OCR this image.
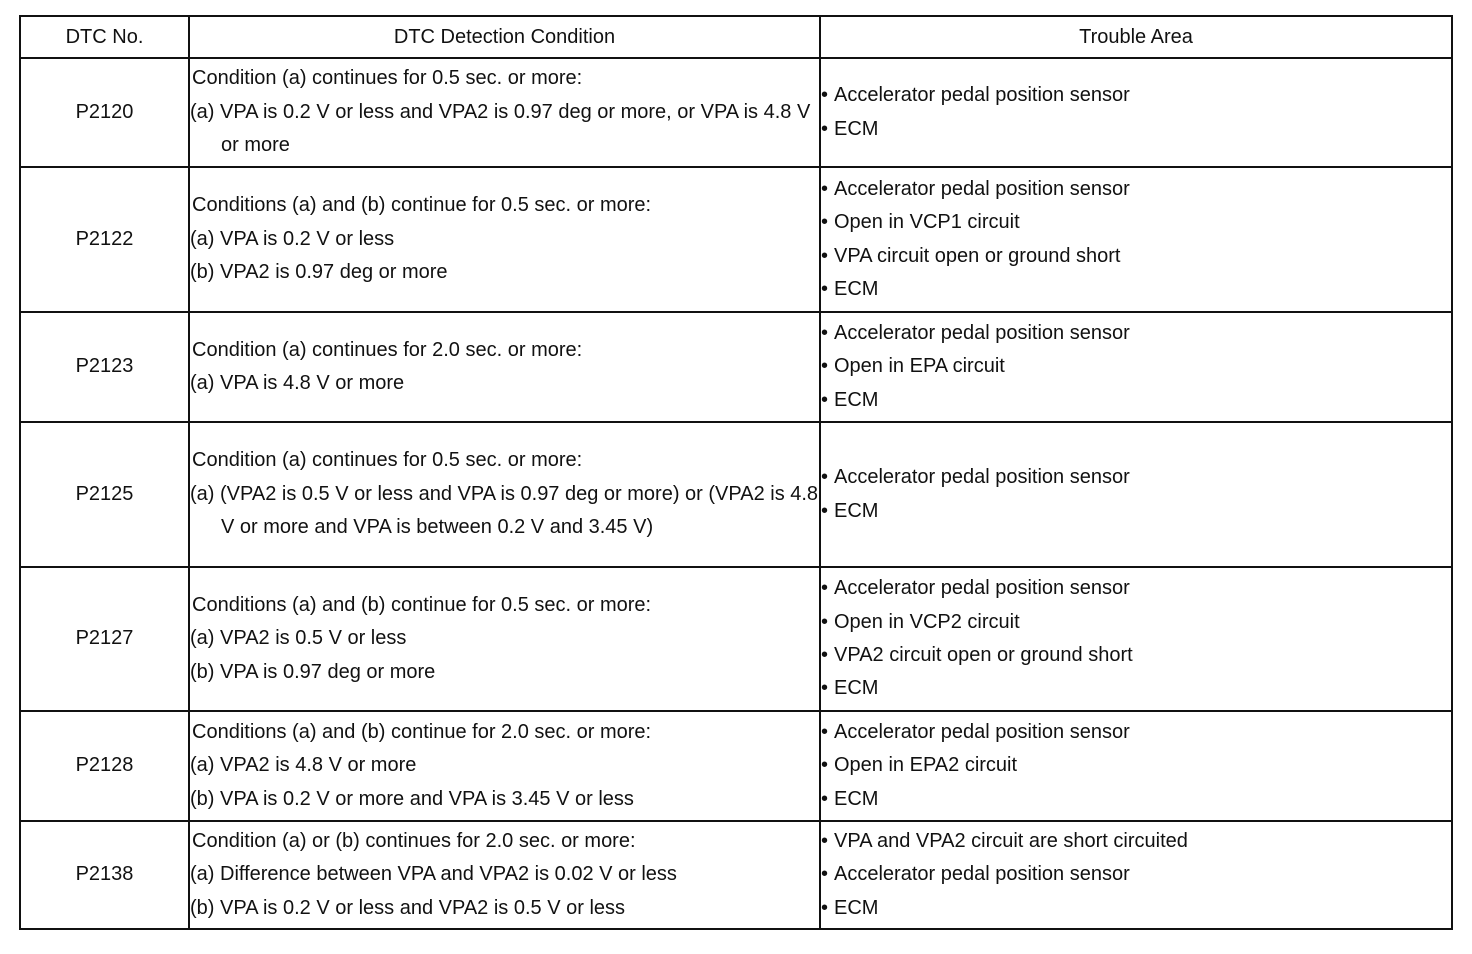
DTC No.	DTC Detection Condition	Trouble Area
P2120	Condition (a) continues for 0.5 sec. or more:
(a) VPA is 0.2 V or less and VPA2 is 0.97 deg or more, or VPA is 4.8 V or more	• Accelerator pedal position sensor
• ECM

P2122	Conditions (a) and (b) continue for 0.5 sec. or more:
(a) VPA is 0.2 V or less
(b) VPA2 is 0.97 deg or more	• Accelerator pedal position sensor
• Open in VCP1 circuit
• VPA circuit open or ground short
• ECM

P2123	Condition (a) continues for 2.0 sec. or more:
(a) VPA is 4.8 V or more	• Accelerator pedal position sensor
• Open in EPA circuit
• ECM

P2125	Condition (a) continues for 0.5 sec. or more:
(a) (VPA2 is 0.5 V or less and VPA is 0.97 deg or more) or (VPA2 is 4.8 V or more and VPA is between 0.2 V and 3.45 V)	• Accelerator pedal position sensor
• ECM

P2127	Conditions (a) and (b) continue for 0.5 sec. or more:
(a) VPA2 is 0.5 V or less
(b) VPA is 0.97 deg or more	• Accelerator pedal position sensor
• Open in VCP2 circuit
• VPA2 circuit open or ground short
• ECM

P2128	Conditions (a) and (b) continue for 2.0 sec. or more:
(a) VPA2 is 4.8 V or more
(b) VPA is 0.2 V or more and VPA is 3.45 V or less	• Accelerator pedal position sensor
• Open in EPA2 circuit
• ECM

P2138	Condition (a) or (b) continues for 2.0 sec. or more:
(a) Difference between VPA and VPA2 is 0.02 V or less
(b) VPA is 0.2 V or less and VPA2 is 0.5 V or less	• VPA and VPA2 circuit are short circuited
• Accelerator pedal position sensor
• ECM
